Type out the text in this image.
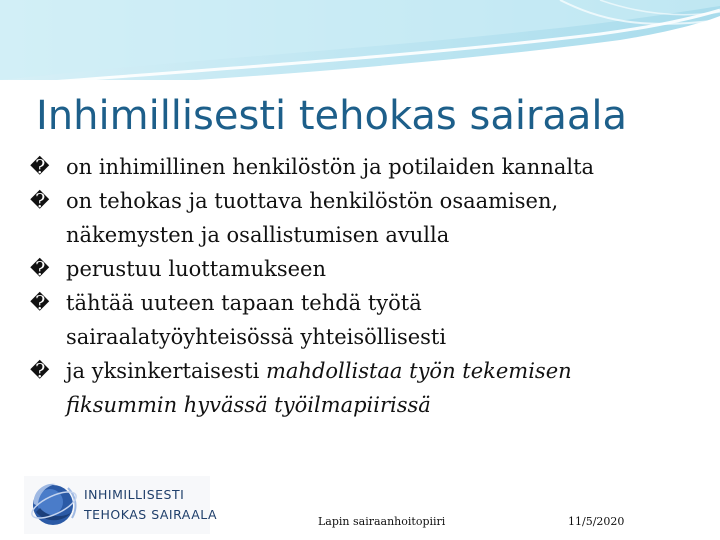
Inhimillisesti tehokas sairaala
� on inhimillinen henkilöstön ja potilaiden kannalta
� on tehokas ja tuottava henkilöstön osaamisen,
näkemysten ja osallistumisen avulla
� perustuu luottamukseen
� tähtää uuteen tapaan tehdä työtä
sairaalatyöyhteisössä yhteisöllisesti
� ja yksinkertaisesti mahdollistaa työn tekemisen
fiksummin hyvässä työilmapiirissä
INHIMILLISESTI
TEHOKAS SAIRAALA	Lapin sairaanhoitopiiri	11/5/2020
